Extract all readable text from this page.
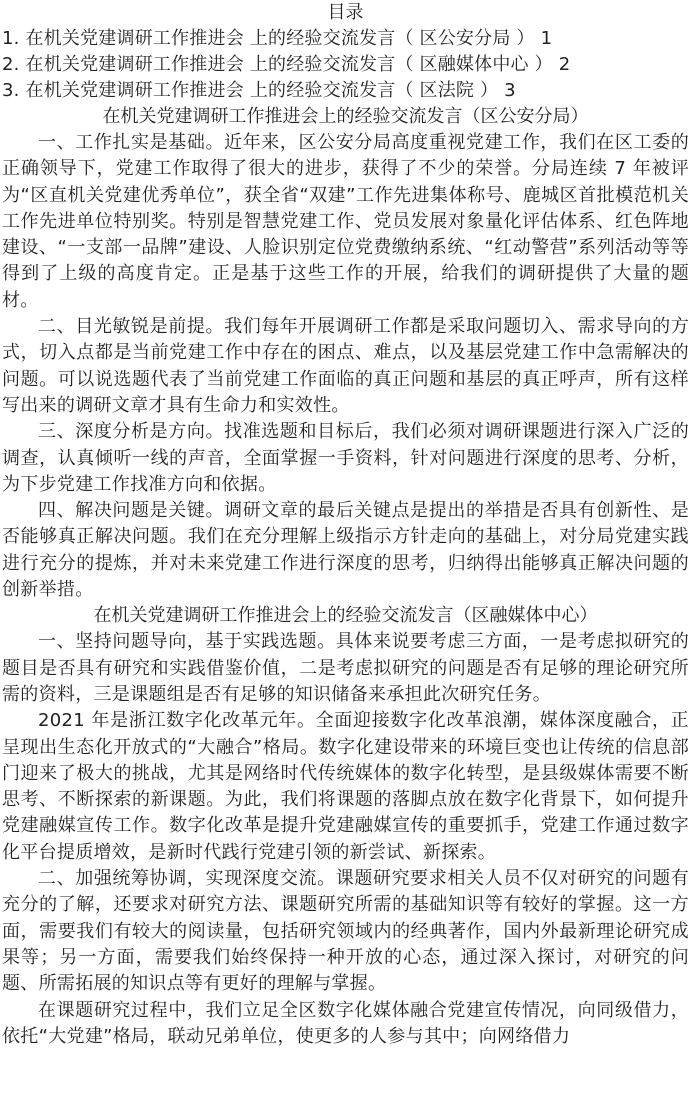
目录
1. 在机关党建调研工作推进会 上的经验交流发言（ 区公安分局 ） 1
2. 在机关党建调研工作推进会 上的经验交流发言（ 区融媒体中心 ） 2
3. 在机关党建调研工作推进会 上的经验交流发言（ 区法院 ） 3
在机关党建调研工作推进会上的经验交流发言（区公安分局）

一、工作扎实是基础。近年来，区公安分局高度重视党建工作，我们在区工委的正确领导下，党建工作取得了很大的进步，获得了不少的荣誉。分局连续 7 年被评为“区直机关党建优秀单位”，获全省“双建”工作先进集体称号、鹿城区首批模范机关工作先进单位特别奖。特别是智慧党建工作、党员发展对象量化评估体系、红色阵地建设、“一支部一品牌”建设、人脸识别定位党费缴纳系统、“红动警营”系列活动等等得到了上级的高度肯定。正是基于这些工作的开展，给我们的调研提供了大量的题材。

二、目光敏锐是前提。我们每年开展调研工作都是采取问题切入、需求导向的方式，切入点都是当前党建工作中存在的困点、难点，以及基层党建工作中急需解决的问题。可以说选题代表了当前党建工作面临的真正问题和基层的真正呼声，所有这样写出来的调研文章才具有生命力和实效性。

三、深度分析是方向。找准选题和目标后，我们必须对调研课题进行深入广泛的调查，认真倾听一线的声音，全面掌握一手资料，针对问题进行深度的思考、分析，为下步党建工作找准方向和依据。

四、解决问题是关键。调研文章的最后关键点是提出的举措是否具有创新性、是否能够真正解决问题。我们在充分理解上级指示方针走向的基础上，对分局党建实践进行充分的提炼，并对未来党建工作进行深度的思考，归纳得出能够真正解决问题的创新举措。

在机关党建调研工作推进会上的经验交流发言（区融媒体中心）

一、坚持问题导向，基于实践选题。具体来说要考虑三方面，一是考虑拟研究的题目是否具有研究和实践借鉴价值，二是考虑拟研究的问题是否有足够的理论研究所需的资料，三是课题组是否有足够的知识储备来承担此次研究任务。

2021 年是浙江数字化改革元年。全面迎接数字化改革浪潮，媒体深度融合，正呈现出生态化开放式的“大融合”格局。数字化建设带来的环境巨变也让传统的信息部门迎来了极大的挑战，尤其是网络时代传统媒体的数字化转型，是县级媒体需要不断思考、不断探索的新课题。为此，我们将课题的落脚点放在数字化背景下，如何提升党建融媒宣传工作。数字化改革是提升党建融媒宣传的重要抓手，党建工作通过数字化平台提质增效，是新时代践行党建引领的新尝试、新探索。

二、加强统筹协调，实现深度交流。课题研究要求相关人员不仅对研究的问题有充分的了解，还要求对研究方法、课题研究所需的基础知识等有较好的掌握。这一方面，需要我们有较大的阅读量，包括研究领域内的经典著作，国内外最新理论研究成果等；另一方面，需要我们始终保持一种开放的心态，通过深入探讨，对研究的问题、所需拓展的知识点等有更好的理解与掌握。

在课题研究过程中，我们立足全区数字化媒体融合党建宣传情况，向同级借力，依托“大党建”格局，联动兄弟单位，使更多的人参与其中；向网络借力
